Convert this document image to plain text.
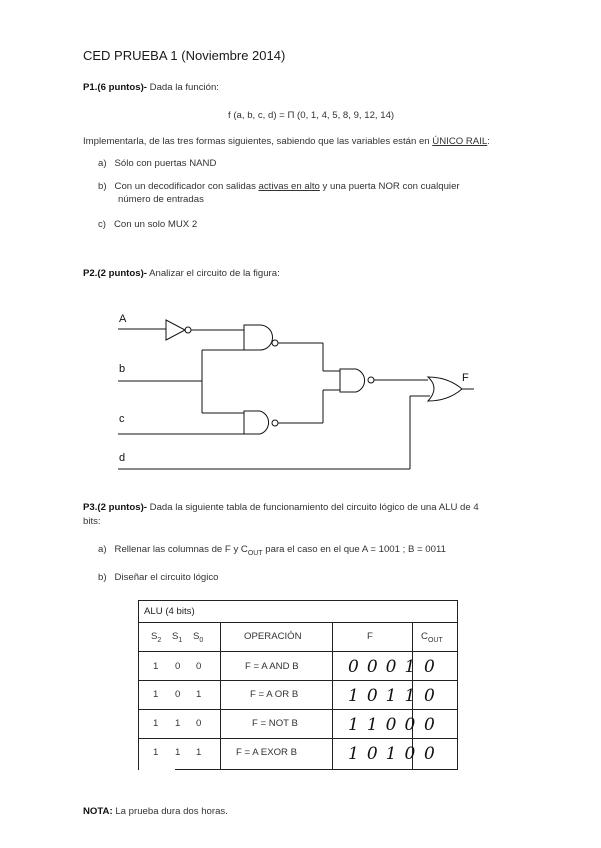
CED PRUEBA 1 (Noviembre 2014)
P1.(6 puntos)- Dada la función:
f (a, b, c, d) = Π (0, 1, 4, 5, 8, 9, 12, 14)
Implementarla, de las tres formas siguientes, sabiendo que las variables están en ÚNICO RAIL:
a) Sólo con puertas NAND
b) Con un decodificador con salidas activas en alto y una puerta NOR con cualquier
número de entradas
c) Con un solo MUX 2
P2.(2 puntos)- Analizar el circuito de la figura:
A
b
c
d
F
P3.(2 puntos)- Dada la siguiente tabla de funcionamiento del circuito lógico de una ALU de 4
bits:
a) Rellenar las columnas de F y $C_{OUT}$ para el caso en el que A = 1001 ; B = 0011
b) Diseñar el circuito lógico
ALU (4 bits)
$S_2$ $S_1$ $S_0$	OPERACIÓN	F	$C_{OUT}$
1 0 0	F = A AND B	0001 0
1 0 1	F = A OR B	1011 0
1 1 0	F = NOT B	1100 0
1 1 1	F = A EXOR B	1010 0
NOTA: La prueba dura dos horas.
